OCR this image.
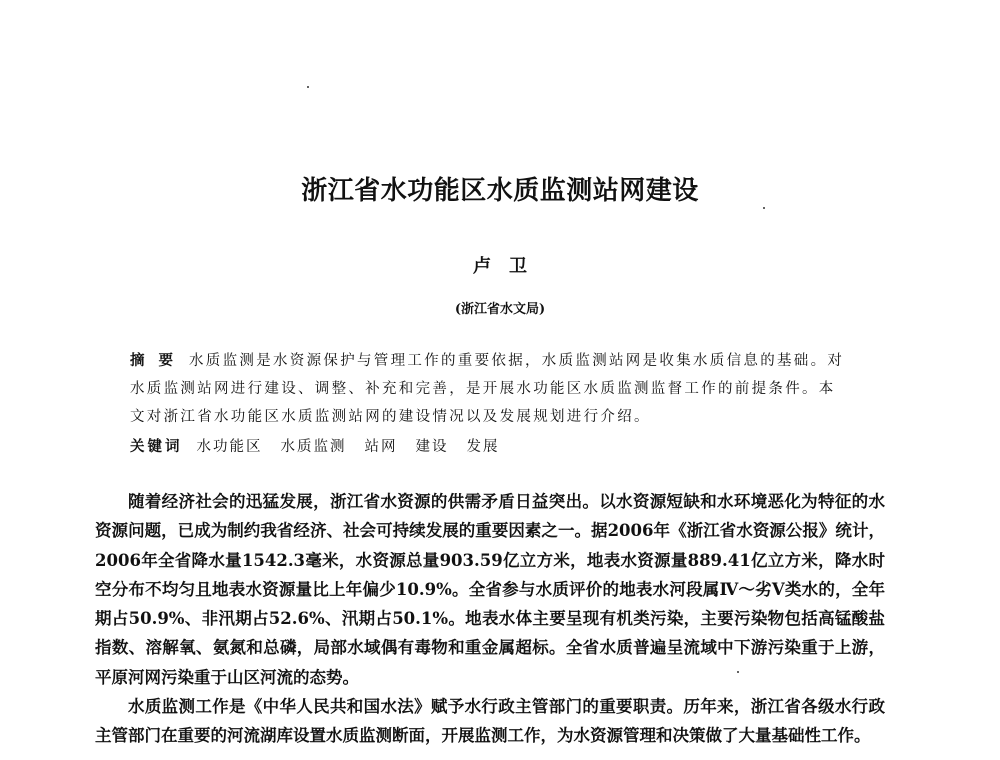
浙江省水功能区水质监测站网建设
卢卫
(浙江省水文局)
摘要 水质监测是水资源保护与管理工作的重要依据，水质监测站网是收集水质信息的基础。对水质监测站网进行建设、调整、补充和完善，是开展水功能区水质监测监督工作的前提条件。本文对浙江省水功能区水质监测站网的建设情况以及发展规划进行介绍。
关键词 水功能区 水质监测 站网 建设 发展

随着经济社会的迅猛发展，浙江省水资源的供需矛盾日益突出。以水资源短缺和水环境恶化为特征的水资源问题，已成为制约我省经济、社会可持续发展的重要因素之一。据2006年《浙江省水资源公报》统计，2006年全省降水量1542.3毫米，水资源总量903.59亿立方米，地表水资源量889.41亿立方米，降水时空分布不均匀且地表水资源量比上年偏少10.9%。全省参与水质评价的地表水河段属Ⅳ～劣Ⅴ类水的，全年期占50.9%、非汛期占52.6%、汛期占50.1%。地表水体主要呈现有机类污染，主要污染物包括高锰酸盐指数、溶解氧、氨氮和总磷，局部水域偶有毒物和重金属超标。全省水质普遍呈流域中下游污染重于上游，平原河网污染重于山区河流的态势。

水质监测工作是《中华人民共和国水法》赋予水行政主管部门的重要职责。历年来，浙江省各级水行政主管部门在重要的河流湖库设置水质监测断面，开展监测工作，为水资源管理和决策做了大量基础性工作。
